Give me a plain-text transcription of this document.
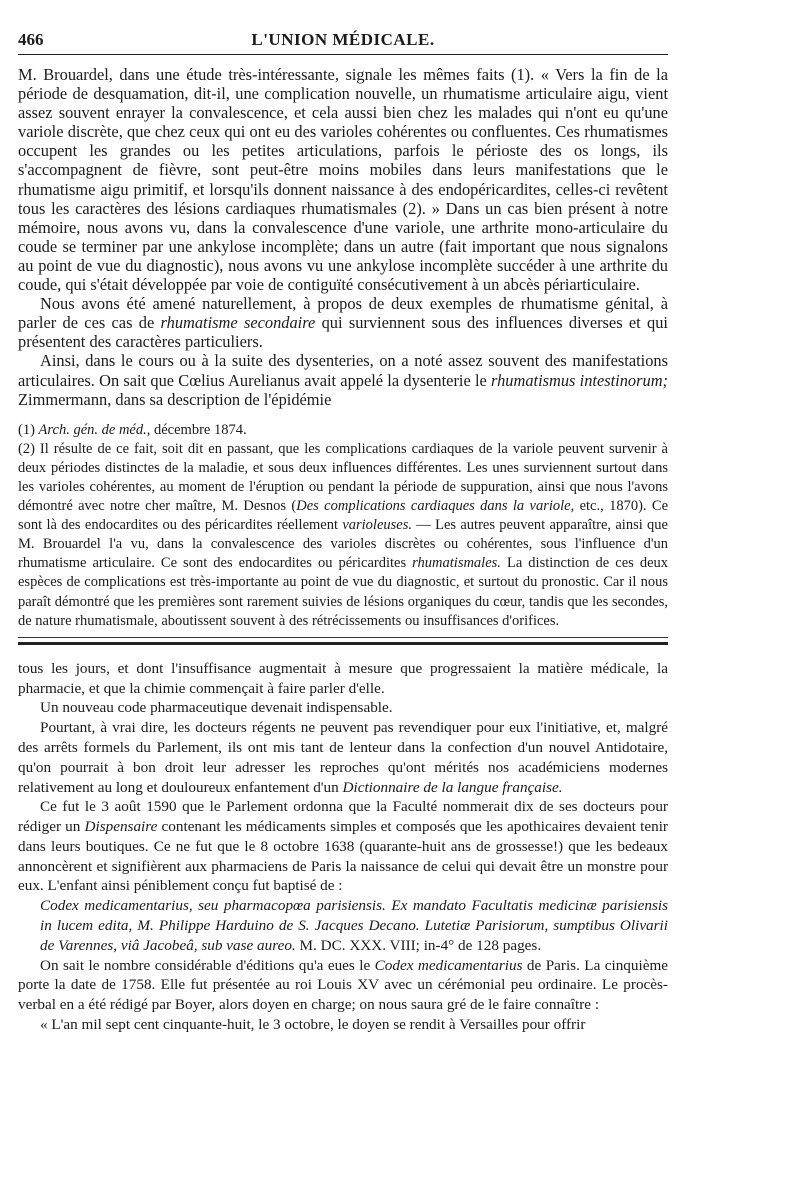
466	L'UNION MÉDICALE.

M. Brouardel, dans une étude très-intéressante, signale les mêmes faits (1). « Vers la fin de la période de desquamation, dit-il, une complication nouvelle, un rhumatisme articulaire aigu, vient assez souvent enrayer la convalescence, et cela aussi bien chez les malades qui n'ont eu qu'une variole discrète, que chez ceux qui ont eu des varioles cohérentes ou confluentes. Ces rhumatismes occupent les grandes ou les petites articulations, parfois le périoste des os longs, ils s'accompagnent de fièvre, sont peut-être moins mobiles dans leurs manifestations que le rhumatisme aigu primitif, et lorsqu'ils donnent naissance à des endopéricardites, celles-ci revêtent tous les caractères des lésions cardiaques rhumatismales (2). » Dans un cas bien présent à notre mémoire, nous avons vu, dans la convalescence d'une variole, une arthrite mono-articulaire du coude se terminer par une ankylose incomplète; dans un autre (fait important que nous signalons au point de vue du diagnostic), nous avons vu une ankylose incomplète succéder à une arthrite du coude, qui s'était développée par voie de contiguïté consécutivement à un abcès périarticulaire.

Nous avons été amené naturellement, à propos de deux exemples de rhumatisme génital, à parler de ces cas de rhumatisme secondaire qui surviennent sous des influences diverses et qui présentent des caractères particuliers.

Ainsi, dans le cours ou à la suite des dysenteries, on a noté assez souvent des manifestations articulaires. On sait que Cœlius Aurelianus avait appelé la dysenterie le rhumatismus intestinorum; Zimmermann, dans sa description de l'épidémie

(1) Arch. gén. de méd., décembre 1874.

(2) Il résulte de ce fait, soit dit en passant, que les complications cardiaques de la variole peuvent survenir à deux périodes distinctes de la maladie, et sous deux influences différentes. Les unes surviennent surtout dans les varioles cohérentes, au moment de l'éruption ou pendant la période de suppuration, ainsi que nous l'avons démontré avec notre cher maître, M. Desnos (Des complications cardiaques dans la variole, etc., 1870). Ce sont là des endocardites ou des péricardites réellement varioleuses. — Les autres peuvent apparaître, ainsi que M. Brouardel l'a vu, dans la convalescence des varioles discrètes ou cohérentes, sous l'influence d'un rhumatisme articulaire. Ce sont des endocardites ou péricardites rhumatismales. La distinction de ces deux espèces de complications est très-importante au point de vue du diagnostic, et surtout du pronostic. Car il nous paraît démontré que les premières sont rarement suivies de lésions organiques du cœur, tandis que les secondes, de nature rhumatismale, aboutissent souvent à des rétrécissements ou insuffisances d'orifices.

tous les jours, et dont l'insuffisance augmentait à mesure que progressaient la matière médicale, la pharmacie, et que la chimie commençait à faire parler d'elle.

Un nouveau code pharmaceutique devenait indispensable.

Pourtant, à vrai dire, les docteurs régents ne peuvent pas revendiquer pour eux l'initiative, et, malgré des arrêts formels du Parlement, ils ont mis tant de lenteur dans la confection d'un nouvel Antidotaire, qu'on pourrait à bon droit leur adresser les reproches qu'ont mérités nos académiciens modernes relativement au long et douloureux enfantement d'un Dictionnaire de la langue française.

Ce fut le 3 août 1590 que le Parlement ordonna que la Faculté nommerait dix de ses docteurs pour rédiger un Dispensaire contenant les médicaments simples et composés que les apothicaires devaient tenir dans leurs boutiques. Ce ne fut que le 8 octobre 1638 (quarante-huit ans de grossesse!) que les bedeaux annoncèrent et signifièrent aux pharmaciens de Paris la naissance de celui qui devait être un monstre pour eux. L'enfant ainsi péniblement conçu fut baptisé de :

Codex medicamentarius, seu pharmacopœa parisiensis. Ex mandato Facultatis medicinæ parisiensis in lucem edita, M. Philippe Harduino de S. Jacques Decano. Lutetiæ Parisiorum, sumptibus Olivarii de Varennes, viâ Jacobeâ, sub vase aureo. M. DC. XXX. VIII; in-4° de 128 pages.

On sait le nombre considérable d'éditions qu'a eues le Codex medicamentarius de Paris. La cinquième porte la date de 1758. Elle fut présentée au roi Louis XV avec un cérémonial peu ordinaire. Le procès-verbal en a été rédigé par Boyer, alors doyen en charge; on nous saura gré de le faire connaître :

« L'an mil sept cent cinquante-huit, le 3 octobre, le doyen se rendit à Versailles pour offrir
